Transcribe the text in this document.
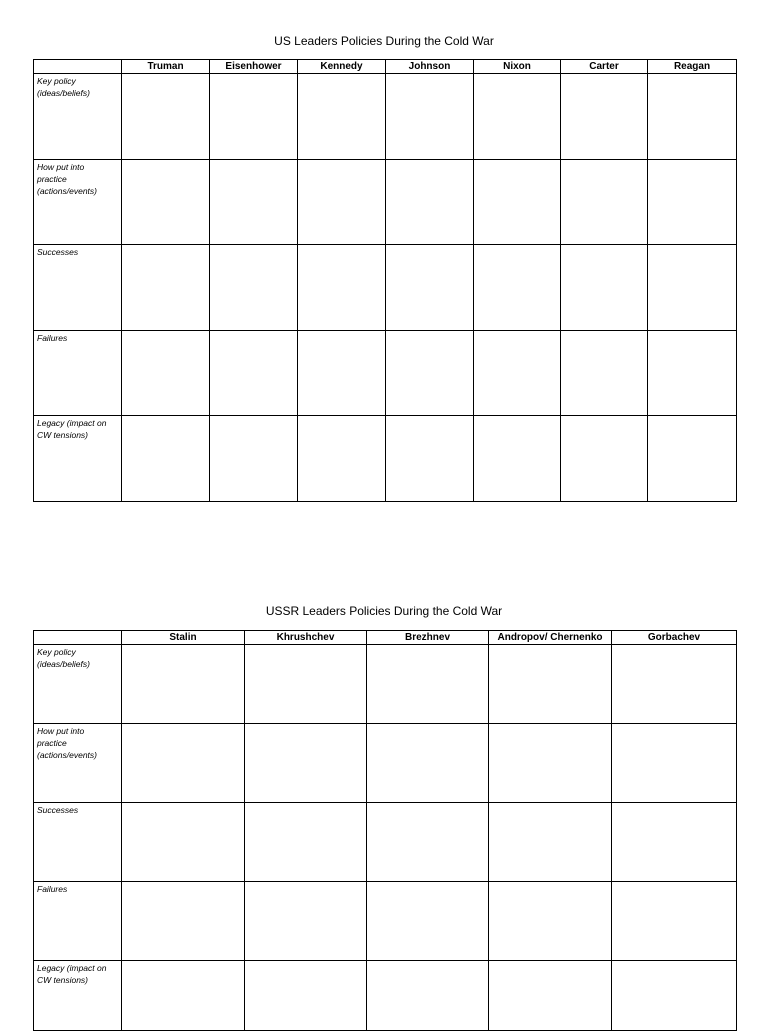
US Leaders Policies During the Cold War
	Truman	Eisenhower	Kennedy	Johnson	Nixon	Carter	Reagan
Key policy
(ideas/beliefs)							
How put into
practice
(actions/events)							
Successes							
Failures							
Legacy (impact on
CW tensions)							
USSR Leaders Policies During the Cold War
	Stalin	Khrushchev	Brezhnev	Andropov/ Chernenko	Gorbachev
Key policy
(ideas/beliefs)					
How put into
practice
(actions/events)					
Successes					
Failures					
Legacy (impact on
CW tensions)					
